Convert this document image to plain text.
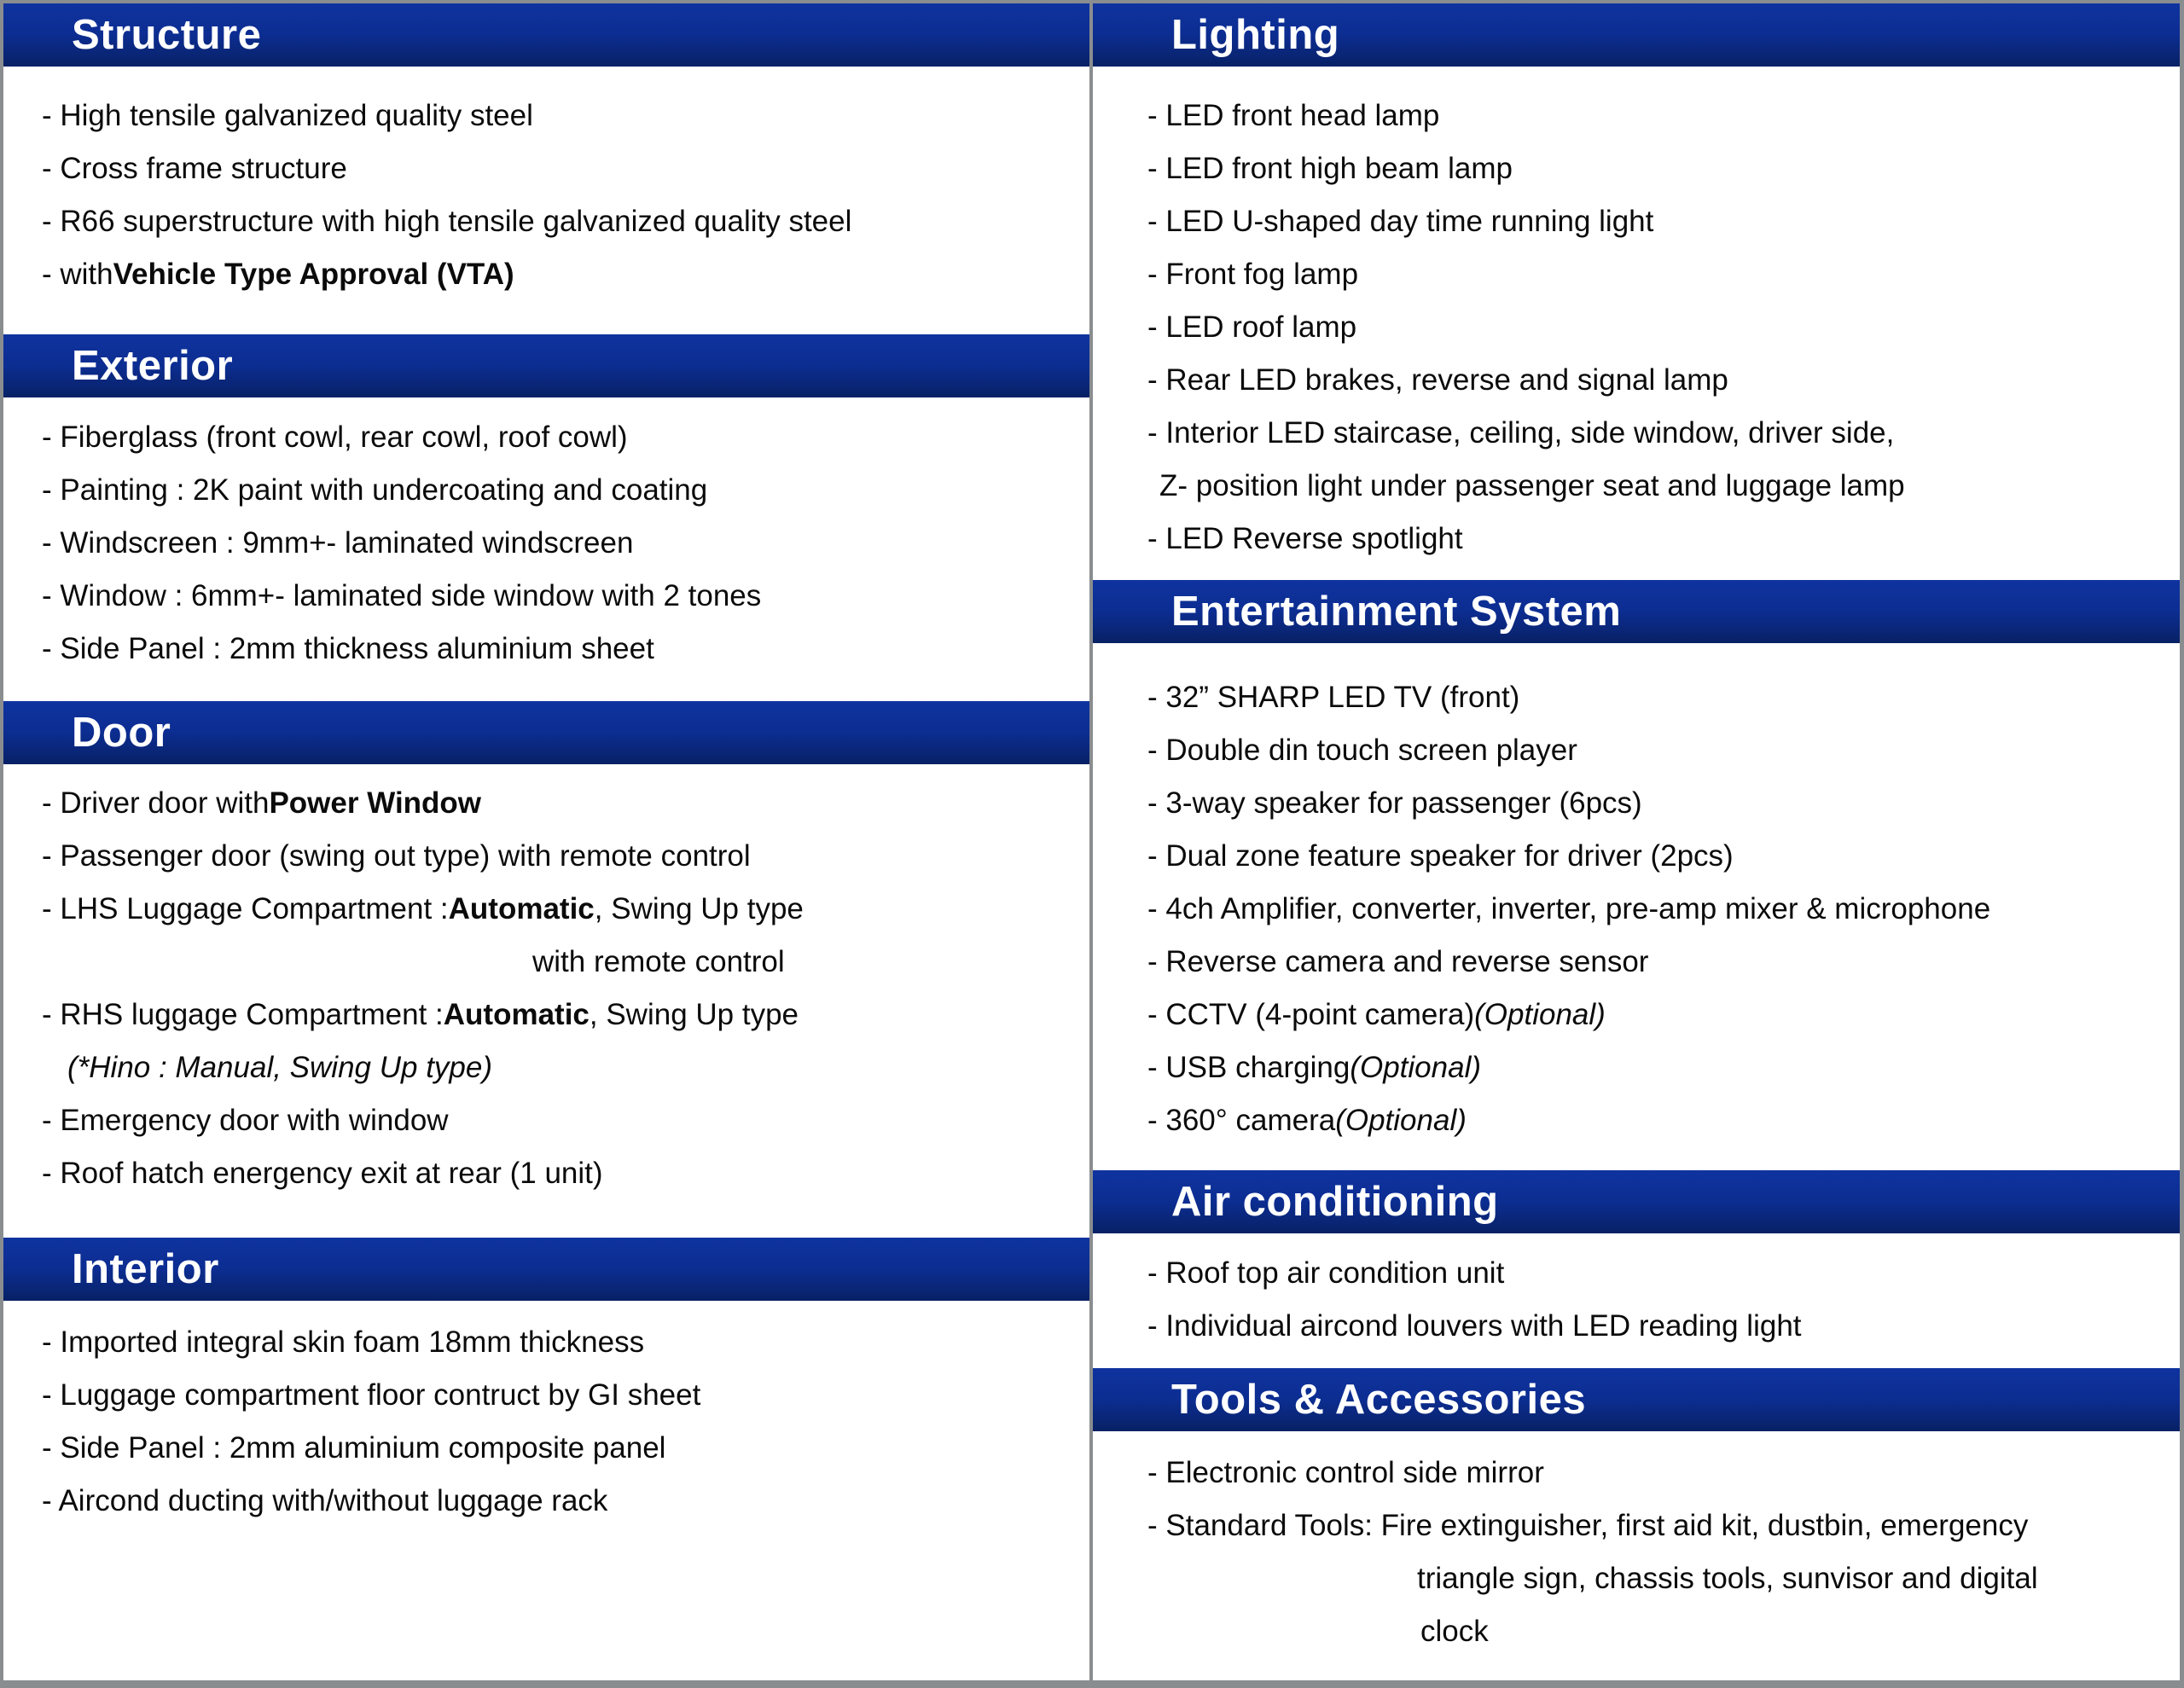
Structure
- High tensile galvanized quality steel
- Cross frame structure
- R66 superstructure with high tensile galvanized quality steel
- with Vehicle Type Approval (VTA)
Exterior
- Fiberglass (front cowl, rear cowl, roof cowl)
- Painting : 2K paint with undercoating and coating
- Windscreen : 9mm+- laminated windscreen
- Window : 6mm+- laminated side window with 2 tones
- Side Panel : 2mm thickness aluminium sheet
Door
- Driver door with Power Window
- Passenger door (swing out type) with remote control
- LHS Luggage Compartment : Automatic , Swing Up type
with remote control
- RHS luggage Compartment : Automatic , Swing Up type
(*Hino : Manual, Swing Up type)
- Emergency door with window
- Roof hatch energency exit at rear (1 unit)
Interior
- Imported integral skin foam 18mm thickness
- Luggage compartment floor contruct by GI sheet
- Side Panel : 2mm aluminium composite panel
- Aircond ducting with/without luggage rack
Lighting
- LED front head lamp
- LED front high beam lamp
- LED U-shaped day time running light
- Front fog lamp
- LED roof lamp
- Rear LED brakes, reverse and signal lamp
- Interior LED staircase, ceiling, side window, driver side,
Z- position light under passenger seat and luggage lamp
- LED Reverse spotlight
Entertainment System
- 32” SHARP LED TV (front)
- Double din touch screen player
- 3-way speaker for passenger (6pcs)
- Dual zone feature speaker for driver (2pcs)
- 4ch Amplifier, converter, inverter, pre-amp mixer & microphone
- Reverse camera and reverse sensor
- CCTV (4-point camera) (Optional)
- USB charging (Optional)
- 360° camera (Optional)
Air conditioning
- Roof top air condition unit
- Individual aircond louvers with LED reading light
Tools & Accessories
- Electronic control side mirror
- Standard Tools: Fire extinguisher, first aid kit, dustbin, emergency
triangle sign, chassis tools, sunvisor and digital
clock
